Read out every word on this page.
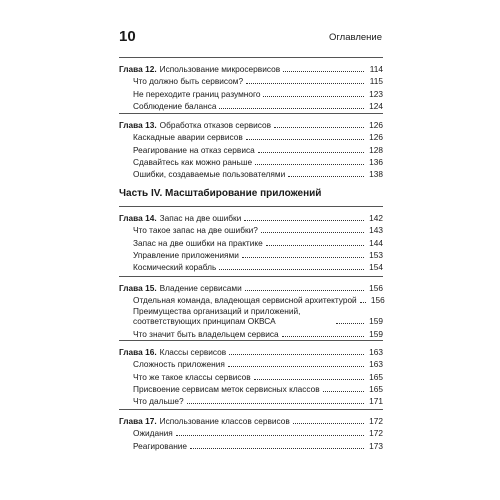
10	Оглавление
Глава 12. Использование микросервисов	114
Что должно быть сервисом?	115
Не переходите границ разумного	123
Соблюдение баланса	124
Глава 13. Обработка отказов сервисов	126
Каскадные аварии сервисов	126
Реагирование на отказ сервиса	128
Сдавайтесь как можно раньше	136
Ошибки, создаваемые пользователями	138
Часть IV. Масштабирование приложений
Глава 14. Запас на две ошибки	142
Что такое запас на две ошибки?	143
Запас на две ошибки на практике	144
Управление приложениями	153
Космический корабль	154
Глава 15. Владение сервисами	156
Отдельная команда, владеющая сервисной архитектурой 156
Преимущества организаций и приложений, соответствующих принципам ОКВСА	159
Что значит быть владельцем сервиса	159
Глава 16. Классы сервисов	163
Сложность приложения	163
Что же такое классы сервисов	165
Присвоение сервисам меток сервисных классов	165
Что дальше?	171
Глава 17. Использование классов сервисов	172
Ожидания	172
Реагирование	173
